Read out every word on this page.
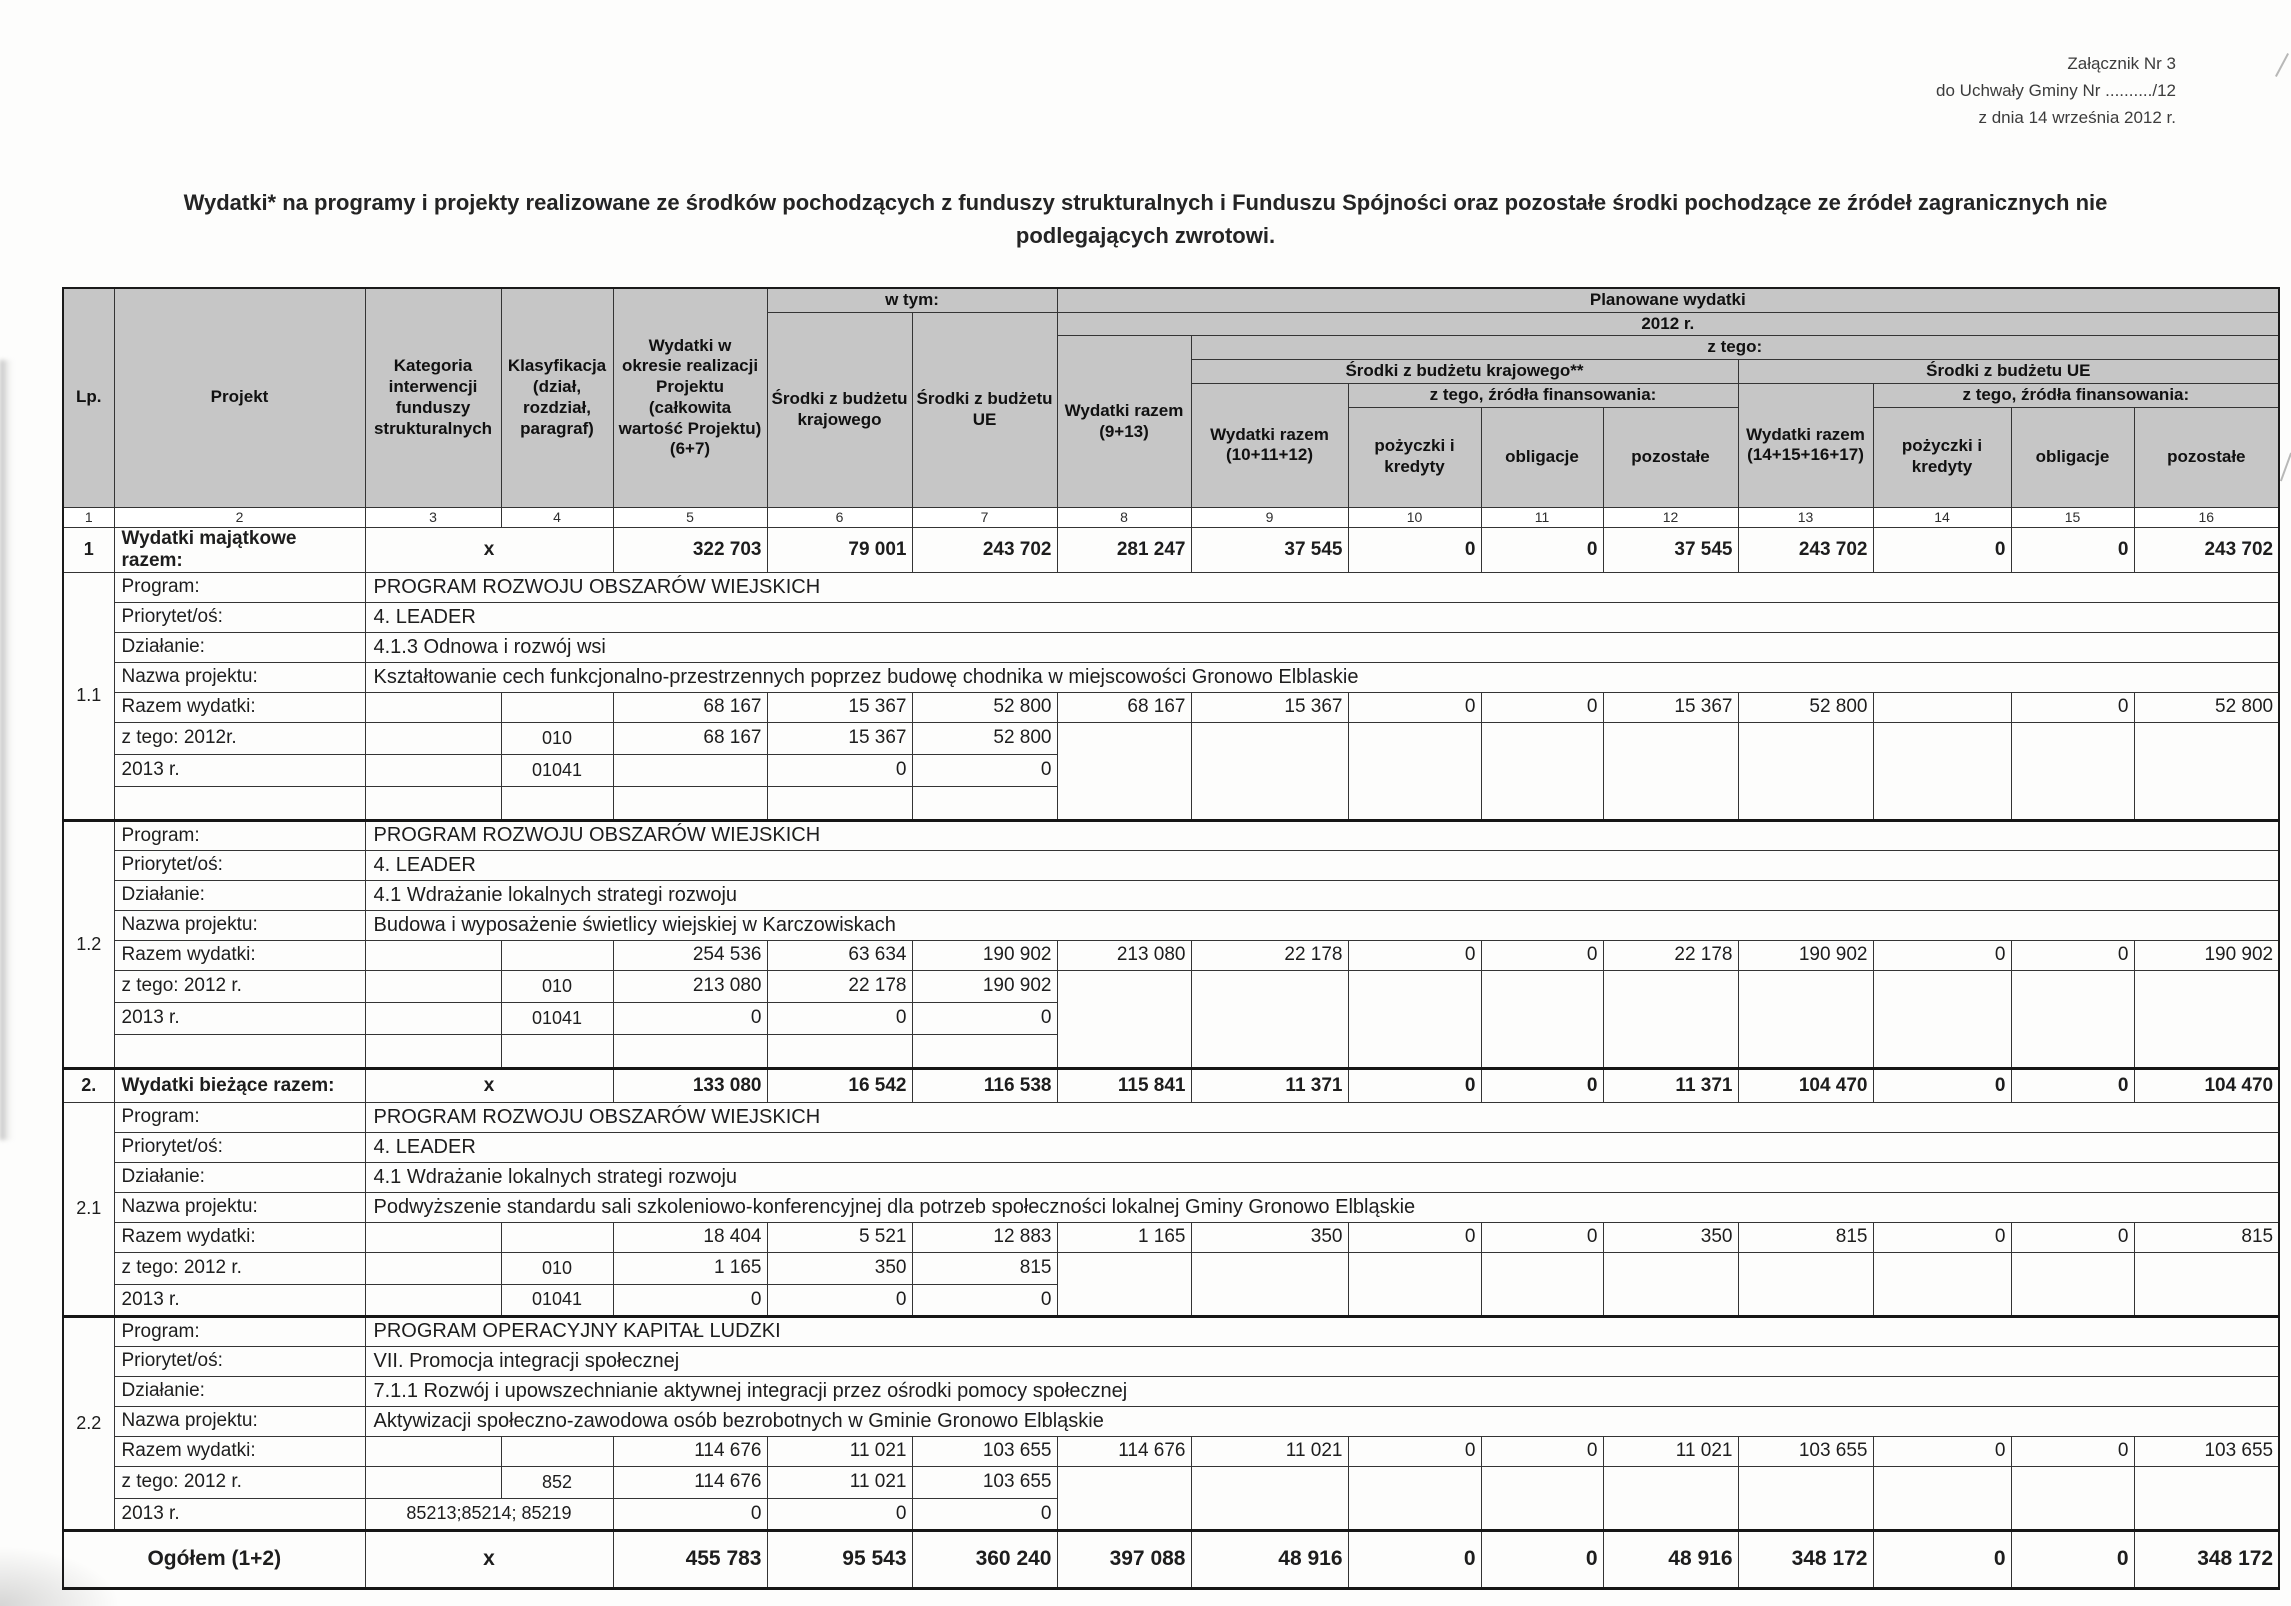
Załącznik Nr 3
do Uchwały Gminy Nr ........../12
z dnia 14 września 2012 r.
Wydatki* na programy i projekty realizowane ze środków pochodzących z funduszy strukturalnych i Funduszu Spójności oraz pozostałe środki pochodzące ze źródeł zagranicznych nie
podlegających zwrotowi.
Lp.	Projekt	Kategoria interwencji funduszy strukturalnych	Klasyfikacja (dział, rozdział, paragraf)	Wydatki w okresie realizacji Projektu (całkowita wartość Projektu) (6+7)	w tym:		Planowane wydatki								
					Środki z budżetu krajowego	Środki z budżetu UE	2012 r.								
							Wydatki razem (9+13)	z tego:							
								Środki z budżetu krajowego**				Środki z budżetu UE			
								Wydatki razem (10+11+12)	z tego, źródła finansowania:			Wydatki razem (14+15+16+17)	z tego, źródła finansowania:		
									pożyczki i kredyty	obligacje	pozostałe		pożyczki i kredyty	obligacje	pozostałe
1	2	3	4	5	6	7	8	9	10	11	12	13	14	15	16
1	Wydatki majątkowe razem:	x		322 703	79 001	243 702	281 247	37 545	0	0	37 545	243 702	0	0	243 702
1.1	Program:	PROGRAM ROZWOJU OBSZARÓW WIEJSKICH													
	Priorytet/oś:	4. LEADER													
	Działanie:	4.1.3 Odnowa i rozwój wsi													
	Nazwa projektu:	Kształtowanie cech funkcjonalno-przestrzennych poprzez budowę chodnika w miejscowości Gronowo Elblaskie													
	Razem wydatki:			68 167	15 367	52 800	68 167	15 367	0	0	15 367	52 800		0	52 800
	z tego: 2012r.		010	68 167	15 367	52 800									
	2013 r.		01041		0	0									

1.2	Program:	PROGRAM ROZWOJU OBSZARÓW WIEJSKICH													
	Priorytet/oś:	4. LEADER													
	Działanie:	4.1 Wdrażanie lokalnych strategi rozwoju													
	Nazwa projektu:	Budowa i wyposażenie świetlicy wiejskiej w Karczowiskach													
	Razem wydatki:			254 536	63 634	190 902	213 080	22 178	0	0	22 178	190 902	0	0	190 902
	z tego: 2012 r.		010	213 080	22 178	190 902									
	2013 r.		01041	0	0	0									

2.	Wydatki bieżące razem:	x		133 080	16 542	116 538	115 841	11 371	0	0	11 371	104 470	0	0	104 470
2.1	Program:	PROGRAM ROZWOJU OBSZARÓW WIEJSKICH													
	Priorytet/oś:	4. LEADER													
	Działanie:	4.1 Wdrażanie lokalnych strategi rozwoju													
	Nazwa projektu:	Podwyższenie standardu sali szkoleniowo-konferencyjnej dla potrzeb społeczności lokalnej Gminy Gronowo Elbląskie													
	Razem wydatki:			18 404	5 521	12 883	1 165	350	0	0	350	815	0	0	815
	z tego: 2012 r.		010	1 165	350	815									
	2013 r.		01041	0	0	0									
2.2	Program:	PROGRAM OPERACYJNY KAPITAŁ LUDZKI													
	Priorytet/oś:	VII. Promocja integracji społecznej													
	Działanie:	7.1.1 Rozwój i upowszechnianie aktywnej integracji przez ośrodki pomocy społecznej													
	Nazwa projektu:	Aktywizacji społeczno-zawodowa osób bezrobotnych w Gminie Gronowo Elbląskie													
	Razem wydatki:			114 676	11 021	103 655	114 676	11 021	0	0	11 021	103 655	0	0	103 655
	z tego: 2012 r.		852	114 676	11 021	103 655									
	2013 r.	85213;85214; 85219		0	0	0									
Ogółem (1+2)		x		455 783	95 543	360 240	397 088	48 916	0	0	48 916	348 172	0	0	348 172
